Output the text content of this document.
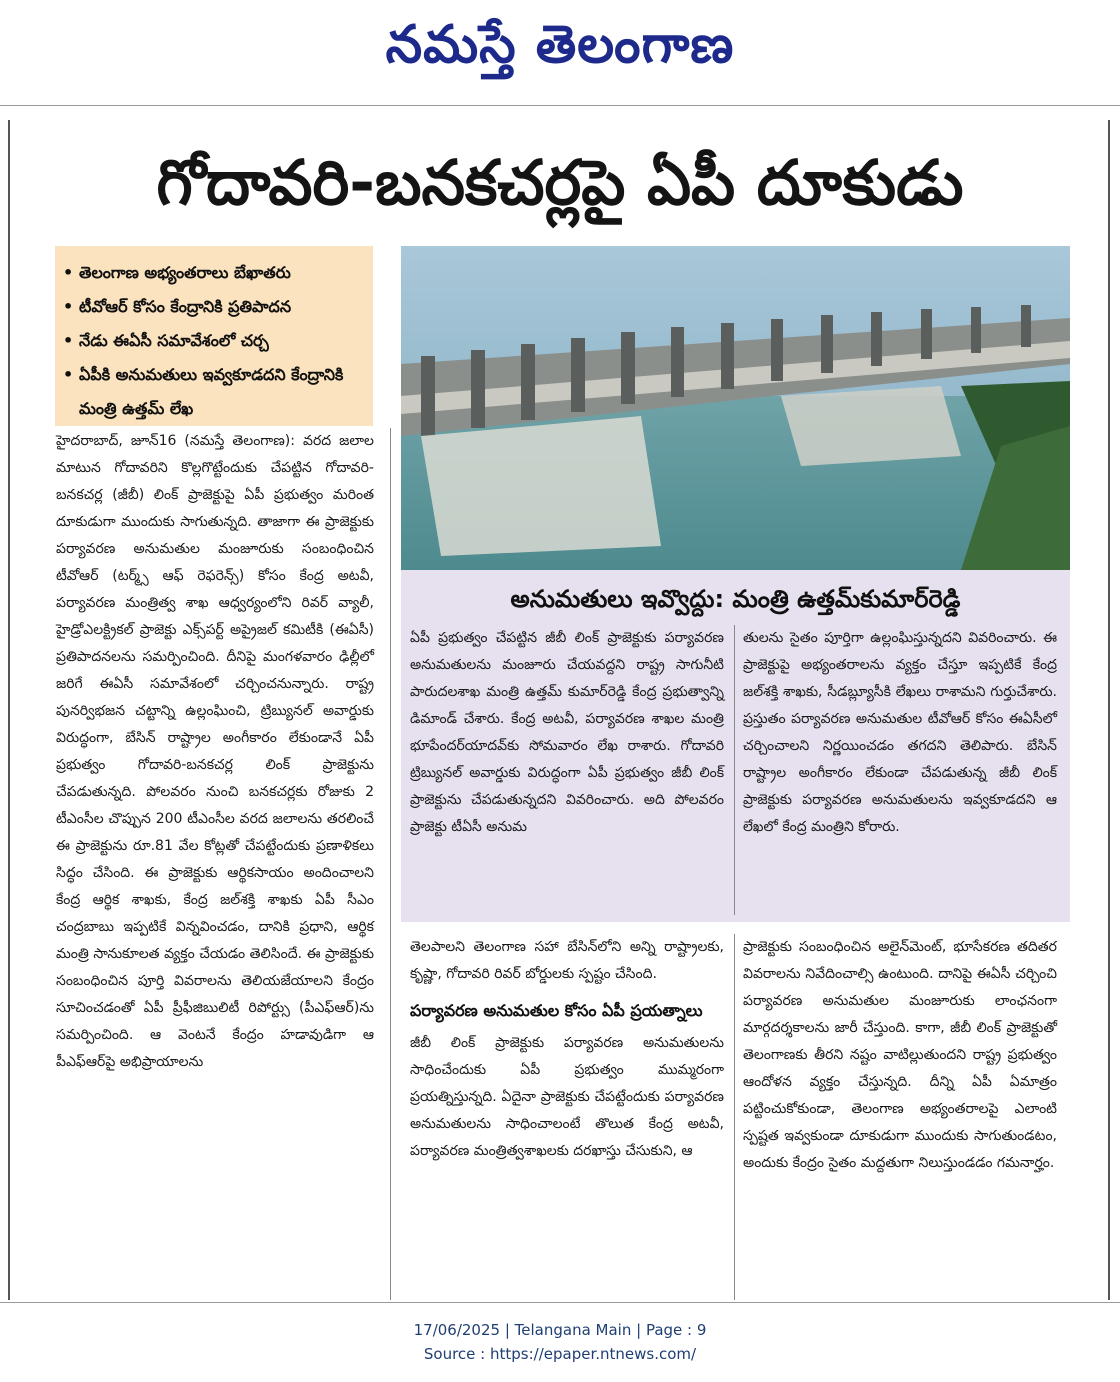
నమస్తే తెలంగాణ
గోదావరి-బనకచర్లపై ఏపీ దూకుడు
• తెలంగాణ అభ్యంతరాలు బేఖాతరు
• టీవోఆర్ కోసం కేంద్రానికి ప్రతిపాదన
• నేడు ఈఏసీ సమావేశంలో చర్చ
• ఏపీకి అనుమతులు ఇవ్వకూడదని కేంద్రానికి మంత్రి ఉత్తమ్ లేఖ
అనుమతులు ఇవ్వొద్దు: మంత్రి ఉత్తమ్‌కుమార్‌రెడ్డి
హైదరాబాద్, జూన్16 (నమస్తే తెలంగాణ): వరద జలాల మాటున గోదావరిని కొల్లగొట్టేందుకు చేపట్టిన గోదావరి-బనకచర్ల (జీబీ) లింక్ ప్రాజెక్టుపై ఏపీ ప్రభుత్వం మరింత దూకుడుగా ముందుకు సాగుతున్నది. తాజాగా ఈ ప్రాజెక్టుకు పర్యావరణ అనుమతుల మంజూరుకు సంబంధించిన టీవోఆర్ (టర్మ్స్ ఆఫ్ రెఫరెన్స్) కోసం కేంద్ర అటవీ, పర్యావరణ మంత్రిత్వ శాఖ ఆధ్వర్యంలోని రివర్ వ్యాలీ, హైడ్రోఎలక్ట్రికల్ ప్రాజెక్టు ఎక్స్‌పర్ట్ అప్రైజల్ కమిటీకి (ఈఏసీ) ప్రతిపాదనలను సమర్పించింది. దీనిపై మంగళవారం ఢిల్లీలో జరిగే ఈఏసీ సమావేశంలో చర్చించనున్నారు. రాష్ట్ర పునర్విభజన చట్టాన్ని ఉల్లంఘించి, ట్రిబ్యునల్ అవార్డుకు విరుద్ధంగా, బేసిన్ రాష్ట్రాల అంగీకారం లేకుండానే ఏపీ ప్రభుత్వం గోదావరి-బనకచర్ల లింక్ ప్రాజెక్టును చేపడుతున్నది. పోలవరం నుంచి బనకచర్లకు రోజుకు 2 టీఎంసీల చొప్పున 200 టీఎంసీల వరద జలాలను తరలించే ఈ ప్రాజెక్టును రూ.81 వేల కోట్లతో చేపట్టేందుకు ప్రణాళికలు సిద్ధం చేసింది. ఈ ప్రాజెక్టుకు ఆర్థికసాయం అందించాలని కేంద్ర ఆర్థిక శాఖకు, కేంద్ర జల్‌శక్తి శాఖకు ఏపీ సీఎం చంద్రబాబు ఇప్పటికే విన్నవించడం, దానికి ప్రధాని, ఆర్థిక మంత్రి సానుకూలత వ్యక్తం చేయడం తెలిసిందే. ఈ ప్రాజెక్టుకు సంబంధించిన పూర్తి వివరాలను తెలియజేయాలని కేంద్రం సూచించడంతో ఏపీ ప్రీఫీజిబులిటీ రిపోర్ట్సు (పీఎఫ్ఆర్)ను సమర్పించింది. ఆ వెంటనే కేంద్రం హడావుడిగా ఆ పీఎఫ్ఆర్‌పై అభిప్రాయాలను
ఏపీ ప్రభుత్వం చేపట్టిన జీబీ లింక్ ప్రాజెక్టుకు పర్యావరణ అనుమతులను మంజూరు చేయవద్దని రాష్ట్ర సాగునీటి పారుదలశాఖ మంత్రి ఉత్తమ్ కుమార్‌రెడ్డి కేంద్ర ప్రభుత్వాన్ని డిమాండ్ చేశారు. కేంద్ర అటవీ, పర్యావరణ శాఖల మంత్రి భూపేందర్‌యాదవ్‌కు సోమవారం లేఖ రాశారు. గోదావరి ట్రిబ్యునల్ అవార్డుకు విరుద్ధంగా ఏపీ ప్రభుత్వం జీబీ లింక్ ప్రాజెక్టును చేపడుతున్నదని వివరించారు. అది పోలవరం ప్రాజెక్టు టీఏసీ అనుమ
తులను సైతం పూర్తిగా ఉల్లంఘిస్తున్నదని వివరించారు. ఈ ప్రాజెక్టుపై అభ్యంతరాలను వ్యక్తం చేస్తూ ఇప్పటికే కేంద్ర జల్‌శక్తి శాఖకు, సీడబ్ల్యూసీకి లేఖలు రాశామని గుర్తుచేశారు. ప్రస్తుతం పర్యావరణ అనుమతుల టీవోఆర్ కోసం ఈఏసీలో చర్చించాలని నిర్ణయించడం తగదని తెలిపారు. బేసిన్ రాష్ట్రాల అంగీకారం లేకుండా చేపడుతున్న జీబీ లింక్ ప్రాజెక్టుకు పర్యావరణ అనుమతులను ఇవ్వకూడదని ఆ లేఖలో కేంద్ర మంత్రిని కోరారు.
తెలపాలని తెలంగాణ సహా బేసిన్‌లోని అన్ని రాష్ట్రాలకు, కృష్ణా, గోదావరి రివర్ బోర్డులకు స్పష్టం చేసింది.
పర్యావరణ అనుమతుల కోసం ఏపీ ప్రయత్నాలు
జీబీ లింక్ ప్రాజెక్టుకు పర్యావరణ అనుమతులను సాధించేందుకు ఏపీ ప్రభుత్వం ముమ్మరంగా ప్రయత్నిస్తున్నది. ఏదైనా ప్రాజెక్టుకు చేపట్టేందుకు పర్యావరణ అనుమతులను సాధించాలంటే తొలుత కేంద్ర అటవీ, పర్యావరణ మంత్రిత్వశాఖలకు దరఖాస్తు చేసుకుని, ఆ
ప్రాజెక్టుకు సంబంధించిన అలైన్‌మెంట్, భూసేకరణ తదితర వివరాలను నివేదించాల్సి ఉంటుంది. దానిపై ఈఏసీ చర్చించి పర్యావరణ అనుమతుల మంజూరుకు లాంఛనంగా మార్గదర్శకాలను జారీ చేస్తుంది. కాగా, జీబీ లింక్ ప్రాజెక్టుతో తెలంగాణకు తీరని నష్టం వాటిల్లుతుందని రాష్ట్ర ప్రభుత్వం ఆందోళన వ్యక్తం చేస్తున్నది. దీన్ని ఏపీ ఏమాత్రం పట్టించుకోకుండా, తెలంగాణ అభ్యంతరాలపై ఎలాంటి స్పష్టత ఇవ్వకుండా దూకుడుగా ముందుకు సాగుతుండటం, అందుకు కేంద్రం సైతం మద్దతుగా నిలుస్తుండడం గమనార్హం.
17/06/2025 | Telangana Main | Page : 9
Source : https://epaper.ntnews.com/
